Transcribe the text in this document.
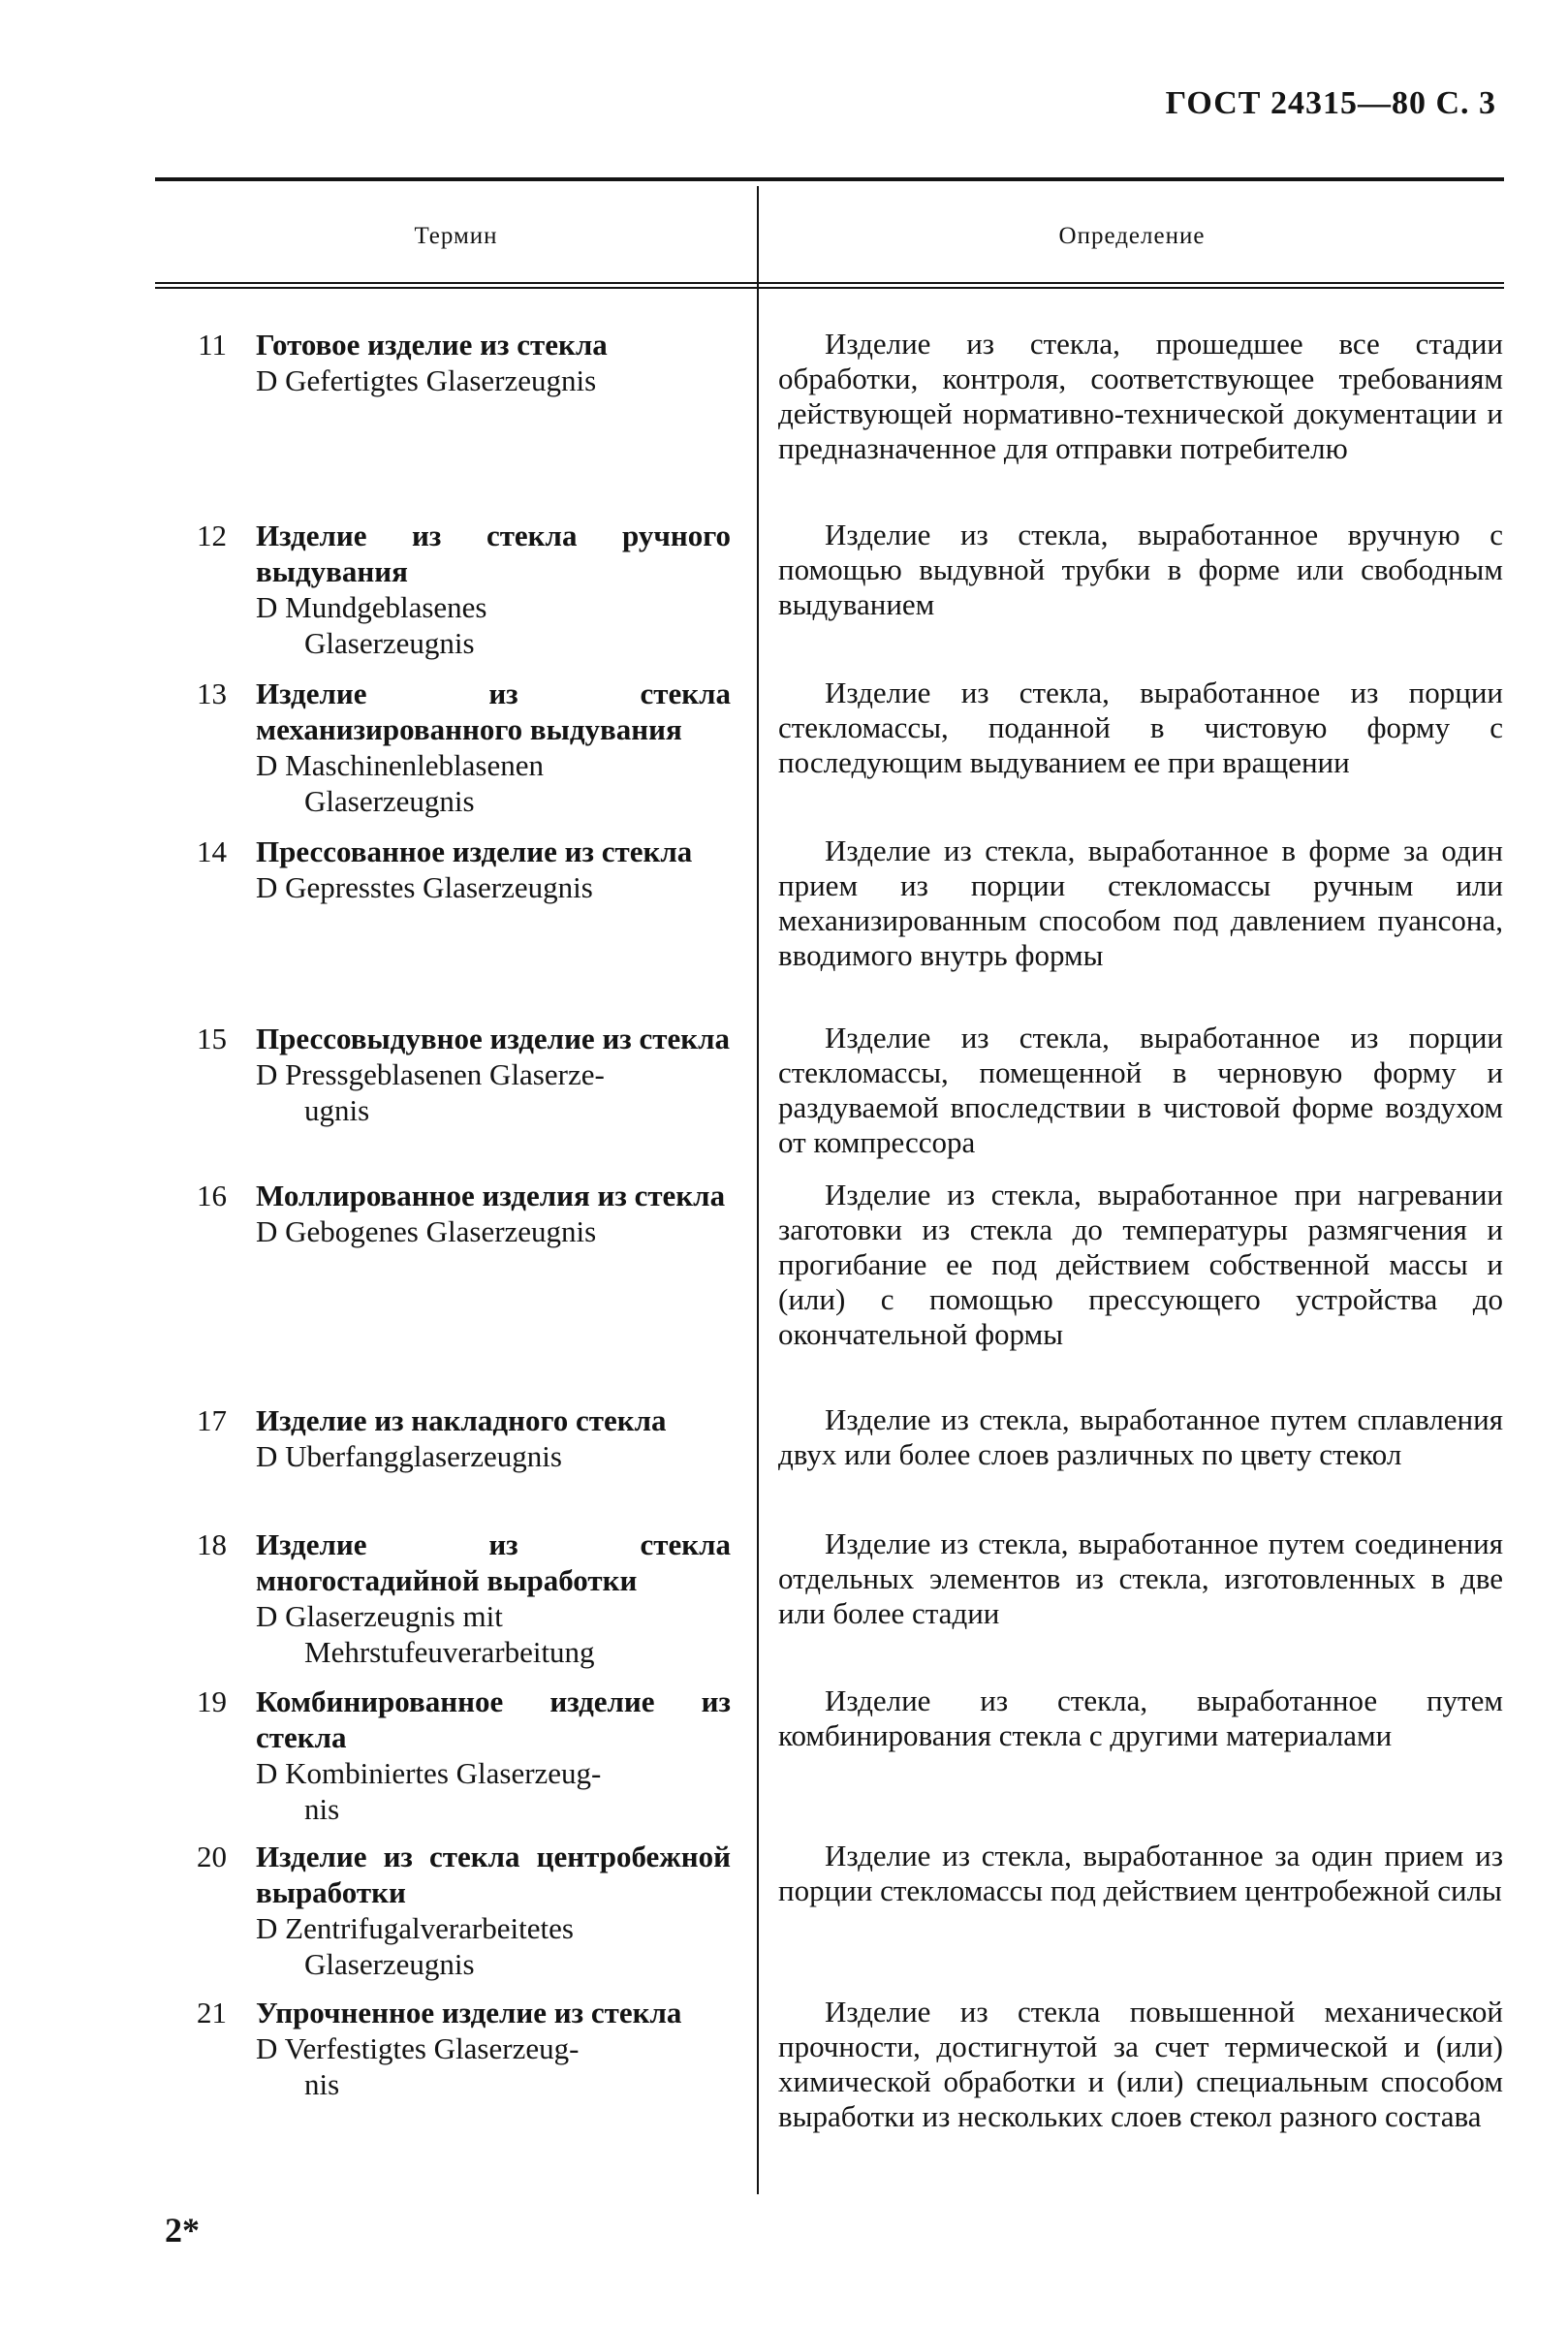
ГОСТ 24315—80 С. 3
Термин	Определение
11 Готовое изделие из стекла
D Gefertigtes Glaserzeugnis
Изделие из стекла, прошедшее все стадии обработки, контроля, соответствующее требованиям действующей нормативно-технической документации и предназначенное для отправки потребителю
12 Изделие из стекла ручного выдувания
D Mundgeblasenes
Glaserzeugnis
Изделие из стекла, выработанное вручную с помощью выдувной трубки в форме или свободным выдуванием
13 Изделие из стекла механизированного выдувания
D Maschinenleblasenen
Glaserzeugnis
Изделие из стекла, выработанное из порции стекломассы, поданной в чистовую форму с последующим выдуванием ее при вращении
14 Прессованное изделие из стекла
D Gepresstes Glaserzeugnis
Изделие из стекла, выработанное в форме за один прием из порции стекломассы ручным или механизированным способом под давлением пуансона, вводимого внутрь формы
15 Прессовыдувное изделие из стекла
D Pressgeblasenen Glaserze-
ugnis
Изделие из стекла, выработанное из порции стекломассы, помещенной в черновую форму и раздуваемой впоследствии в чистовой форме воздухом от компрессора
16 Моллированное изделия из стекла
D Gebogenes Glaserzeugnis
Изделие из стекла, выработанное при нагревании заготовки из стекла до температуры размягчения и прогибание ее под действием собственной массы и (или) с помощью прессующего устройства до окончательной формы
17 Изделие из накладного стекла
D Uberfangglaserzeugnis
Изделие из стекла, выработанное путем сплавления двух или более слоев различных по цвету стекол
18 Изделие из стекла многостадийной выработки
D Glaserzeugnis mit
Mehrstufeuverarbeitung
Изделие из стекла, выработанное путем соединения отдельных элементов из стекла, изготовленных в две или более стадии
19 Комбинированное изделие из стекла
D Kombiniertes Glaserzeug-
nis
Изделие из стекла, выработанное путем комбинирования стекла с другими материалами
20 Изделие из стекла центробежной выработки
D Zentrifugalverarbeitetes
Glaserzeugnis
Изделие из стекла, выработанное за один прием из порции стекломассы под действием центробежной силы
21 Упрочненное изделие из стекла
D Verfestigtes Glaserzeug-
nis
Изделие из стекла повышенной механической прочности, достигнутой за счет термической и (или) химической обработки и (или) специальным способом выработки из нескольких слоев стекол разного состава
2*
